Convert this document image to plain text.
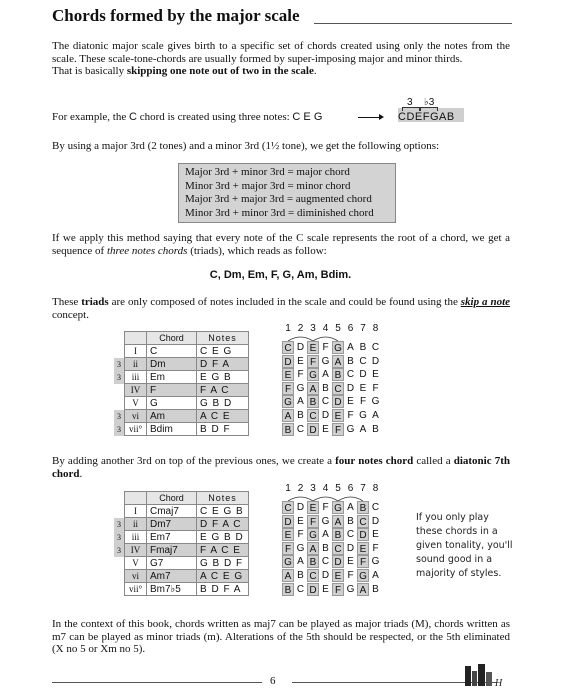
Chords formed by the major scale

The diatonic major scale gives birth to a specific set of chords created using only the notes from the scale. These scale-tone-chords are usually formed by super-imposing major and minor thirds.

That is basically skipping one note out of two in the scale.

For example, the C chord is created using three notes: C E G
3 ♭3
CDEFGAB
By using a major 3rd (2 tones) and a minor 3rd (1½ tone), we get the following options:
Major 3rd + minor 3rd = major chord
Minor 3rd + major 3rd = minor chord
Major 3rd + major 3rd = augmented chord
Minor 3rd + minor 3rd = diminished chord
If we apply this method saying that every note of the C scale represents the root of a chord, we get a sequence of three notes chords (triads), which reads as follow:
C, Dm, Em, F, G, Am, Bdim.
These triads are only composed of notes included in the scale and could be found using the skip a note concept.
		Chord	Notes
	I	C	C E G
3	ii	Dm	D F A
3	iii	Em	E G B
	IV	F	F A C
	V	G	G B D
3	vi	Am	A C E
3	vii°	Bdim	B D F
1 2 3 4 5 6 7 8
C D E F G A B C
D E F G A B C D
E F G A B C D E
F G A B C D E F
G A B C D E F G
A B C D E F G A
B C D E F G A B
By adding another 3rd on top of the previous ones, we create a four notes chord called a diatonic 7th chord.
		Chord	Notes
	I	Cmaj7	C E G B
3	ii	Dm7	D F A C
3	iii	Em7	E G B D
3	IV	Fmaj7	F A C E
	V	G7	G B D F
	vi	Am7	A C E G
	vii°	Bm7♭5	B D F A
1 2 3 4 5 6 7 8
C D E F G A B C
D E F G A B C D
E F G A B C D E
F G A B C D E F
G A B C D E F G
A B C D E F G A
B C D E F G A B
If you only play these chords in a given tonality, you'll sound good in a majority of styles.
In the context of this book, chords written as maj7 can be played as major triads (M), chords written as m7 can be played as minor triads (m). Alterations of the 5th should be respected, or the 5th eliminated (X no 5 or Xm no 5).
6	H
